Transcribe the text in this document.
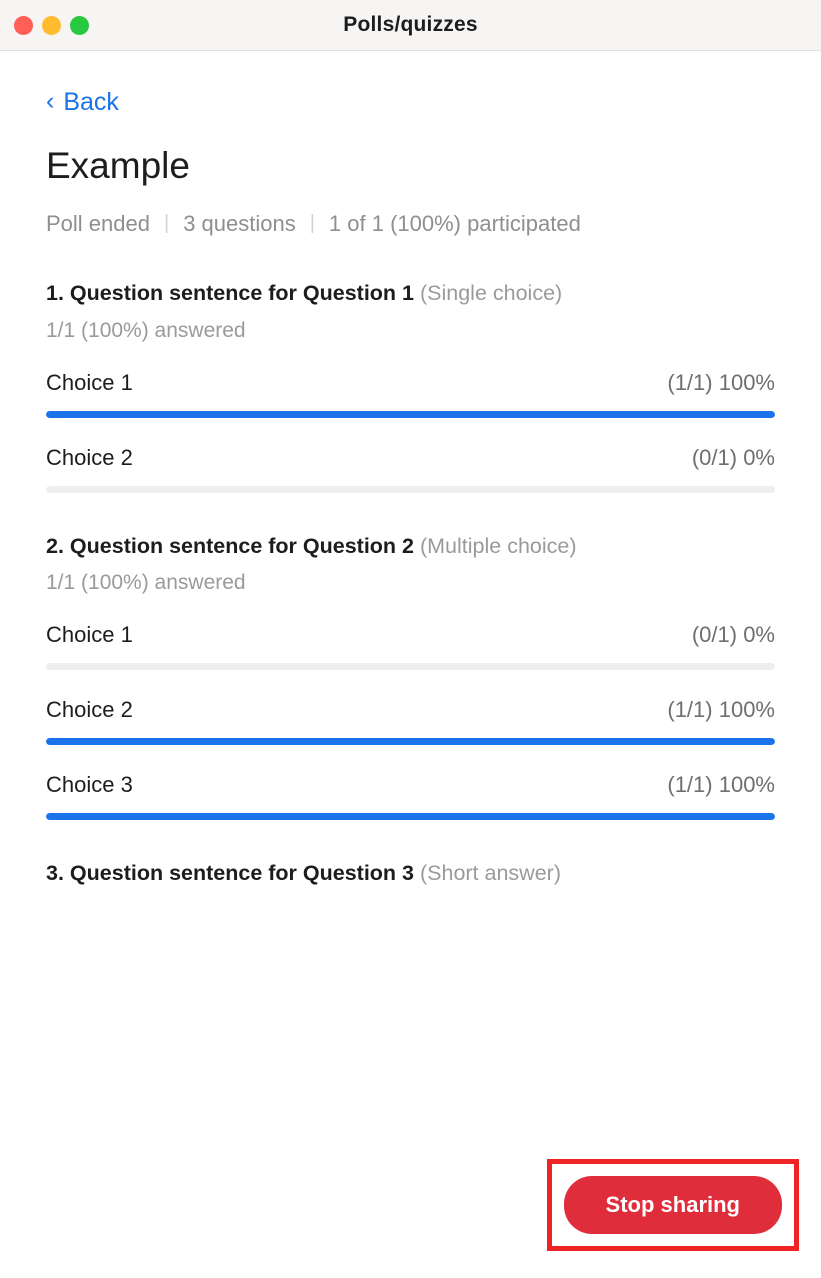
Polls/quizzes
‹ Back
Example
Poll ended | 3 questions | 1 of 1 (100%) participated
1. Question sentence for Question 1 (Single choice)
1/1 (100%) answered
Choice 1	(1/1) 100%
Choice 2	(0/1) 0%
2. Question sentence for Question 2 (Multiple choice)
1/1 (100%) answered
Choice 1	(0/1) 0%
Choice 2	(1/1) 100%
Choice 3	(1/1) 100%
3. Question sentence for Question 3 (Short answer)
Stop sharing
